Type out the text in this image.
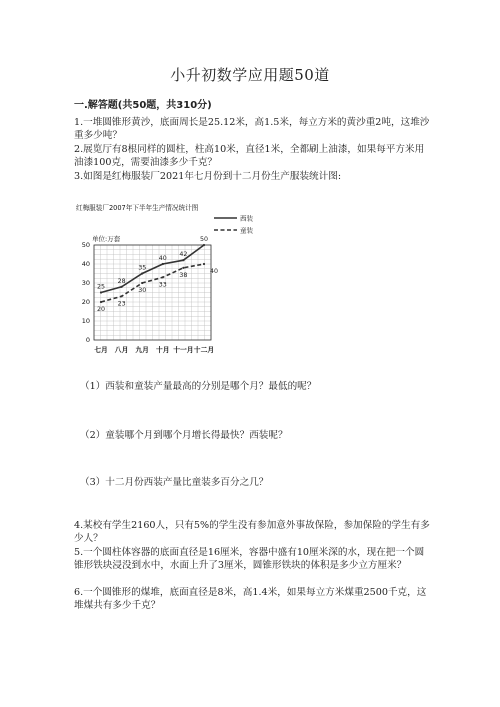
小升初数学应用题50道
一.解答题(共50题，共310分)
1.一堆圆锥形黄沙，底面周长是25.12米，高1.5米，每立方米的黄沙重2吨，这堆沙重多少吨？
2.展览厅有8根同样的圆柱，柱高10米，直径1米，全都刷上油漆，如果每平方米用油漆100克，需要油漆多少千克？
3.如图是红梅服装厂2021年七月份到十二月份生产服装统计图:
红梅服装厂2007年下半年生产情况统计图
单位:万套
西装
童装
0
10
20
30
40
50
七月 八月 九月 十月 十一月 十二月
25
28
35
40
42
50
20
23
30
33
38
40
（1）西装和童装产量最高的分别是哪个月？最低的呢？
（2）童装哪个月到哪个月增长得最快？西装呢？
（3）十二月份西装产量比童装多百分之几？
4.某校有学生2160人，只有5%的学生没有参加意外事故保险，参加保险的学生有多少人？
5.一个圆柱体容器的底面直径是16厘米，容器中盛有10厘米深的水，现在把一个圆锥形铁块浸没到水中，水面上升了3厘米，圆锥形铁块的体积是多少立方厘米？
6.一个圆锥形的煤堆，底面直径是8米，高1.4米，如果每立方米煤重2500千克，这堆煤共有多少千克？
